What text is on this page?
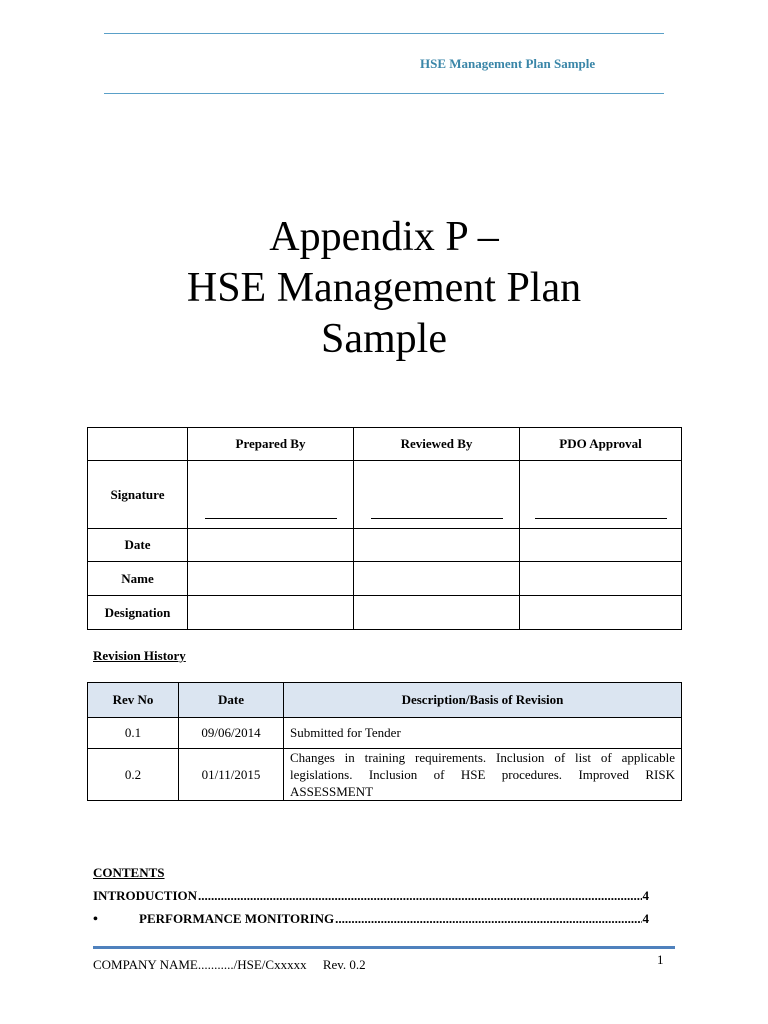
HSE Management Plan Sample
Appendix P –
HSE Management Plan
Sample
	Prepared By	Reviewed By	PDO Approval
Signature	

Date			
Name			
Designation			
Revision History
Rev No	Date	Description/Basis of Revision
0.1	09/06/2014	Submitted for Tender
0.2	01/11/2015	Changes in training requirements. Inclusion of list of applicable legislations. Inclusion of HSE procedures. Improved RISK ASSESSMENT
CONTENTS
INTRODUCTION .....	4
•	PERFORMANCE MONITORING .....	4
COMPANY NAME.........../HSE/Cxxxxx     Rev. 0.2	1
